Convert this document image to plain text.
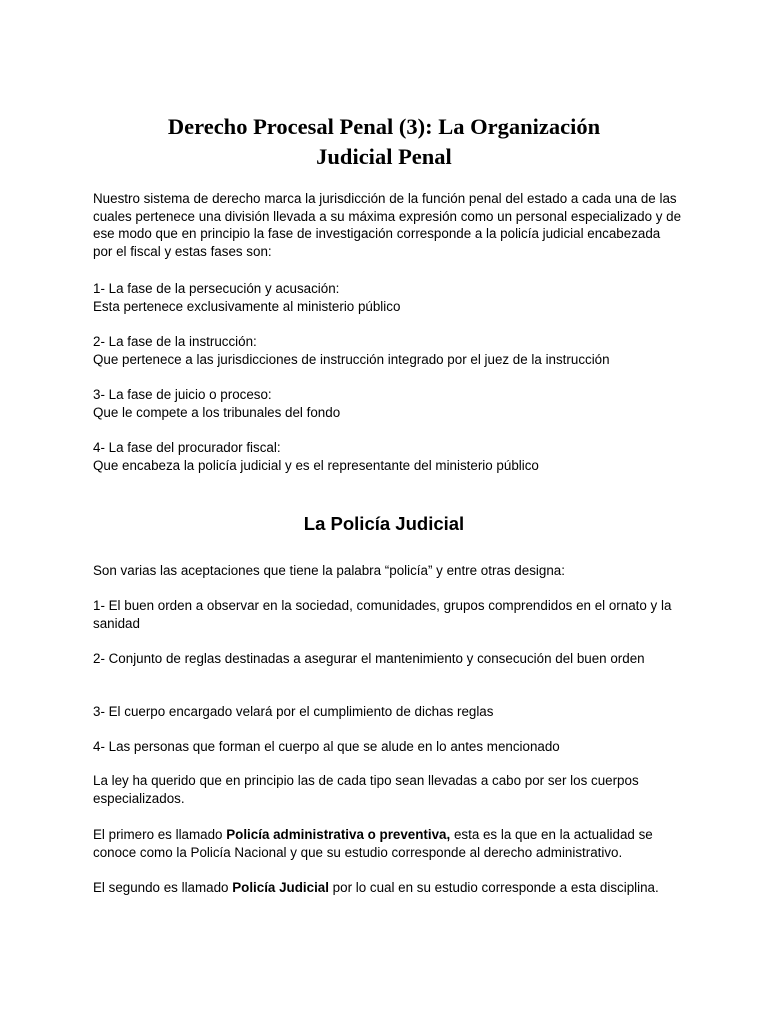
Derecho Procesal Penal (3): La Organización
Judicial Penal

Nuestro sistema de derecho marca la jurisdicción de la función penal del estado a cada una de las cuales pertenece una división llevada a su máxima expresión como un personal especializado y de ese modo que en principio la fase de investigación corresponde a la policía judicial encabezada por el fiscal y estas fases son:

1- La fase de la persecución y acusación:
Esta pertenece exclusivamente al ministerio público

2- La fase de la instrucción:
Que pertenece a las jurisdicciones de instrucción integrado por el juez de la instrucción

3- La fase de juicio o proceso:
Que le compete a los tribunales del fondo

4- La fase del procurador fiscal:
Que encabeza la policía judicial y es el representante del ministerio público

La Policía Judicial

Son varias las aceptaciones que tiene la palabra “policía” y entre otras designa:

1- El buen orden a observar en la sociedad, comunidades, grupos comprendidos en el ornato y la sanidad

2- Conjunto de reglas destinadas a asegurar el mantenimiento y consecución del buen orden

3- El cuerpo encargado velará por el cumplimiento de dichas reglas

4- Las personas que forman el cuerpo al que se alude en lo antes mencionado

La ley ha querido que en principio las de cada tipo sean llevadas a cabo por ser los cuerpos especializados.

El primero es llamado Policía administrativa o preventiva, esta es la que en la actualidad se conoce como la Policía Nacional y que su estudio corresponde al derecho administrativo.

El segundo es llamado Policía Judicial por lo cual en su estudio corresponde a esta disciplina.
